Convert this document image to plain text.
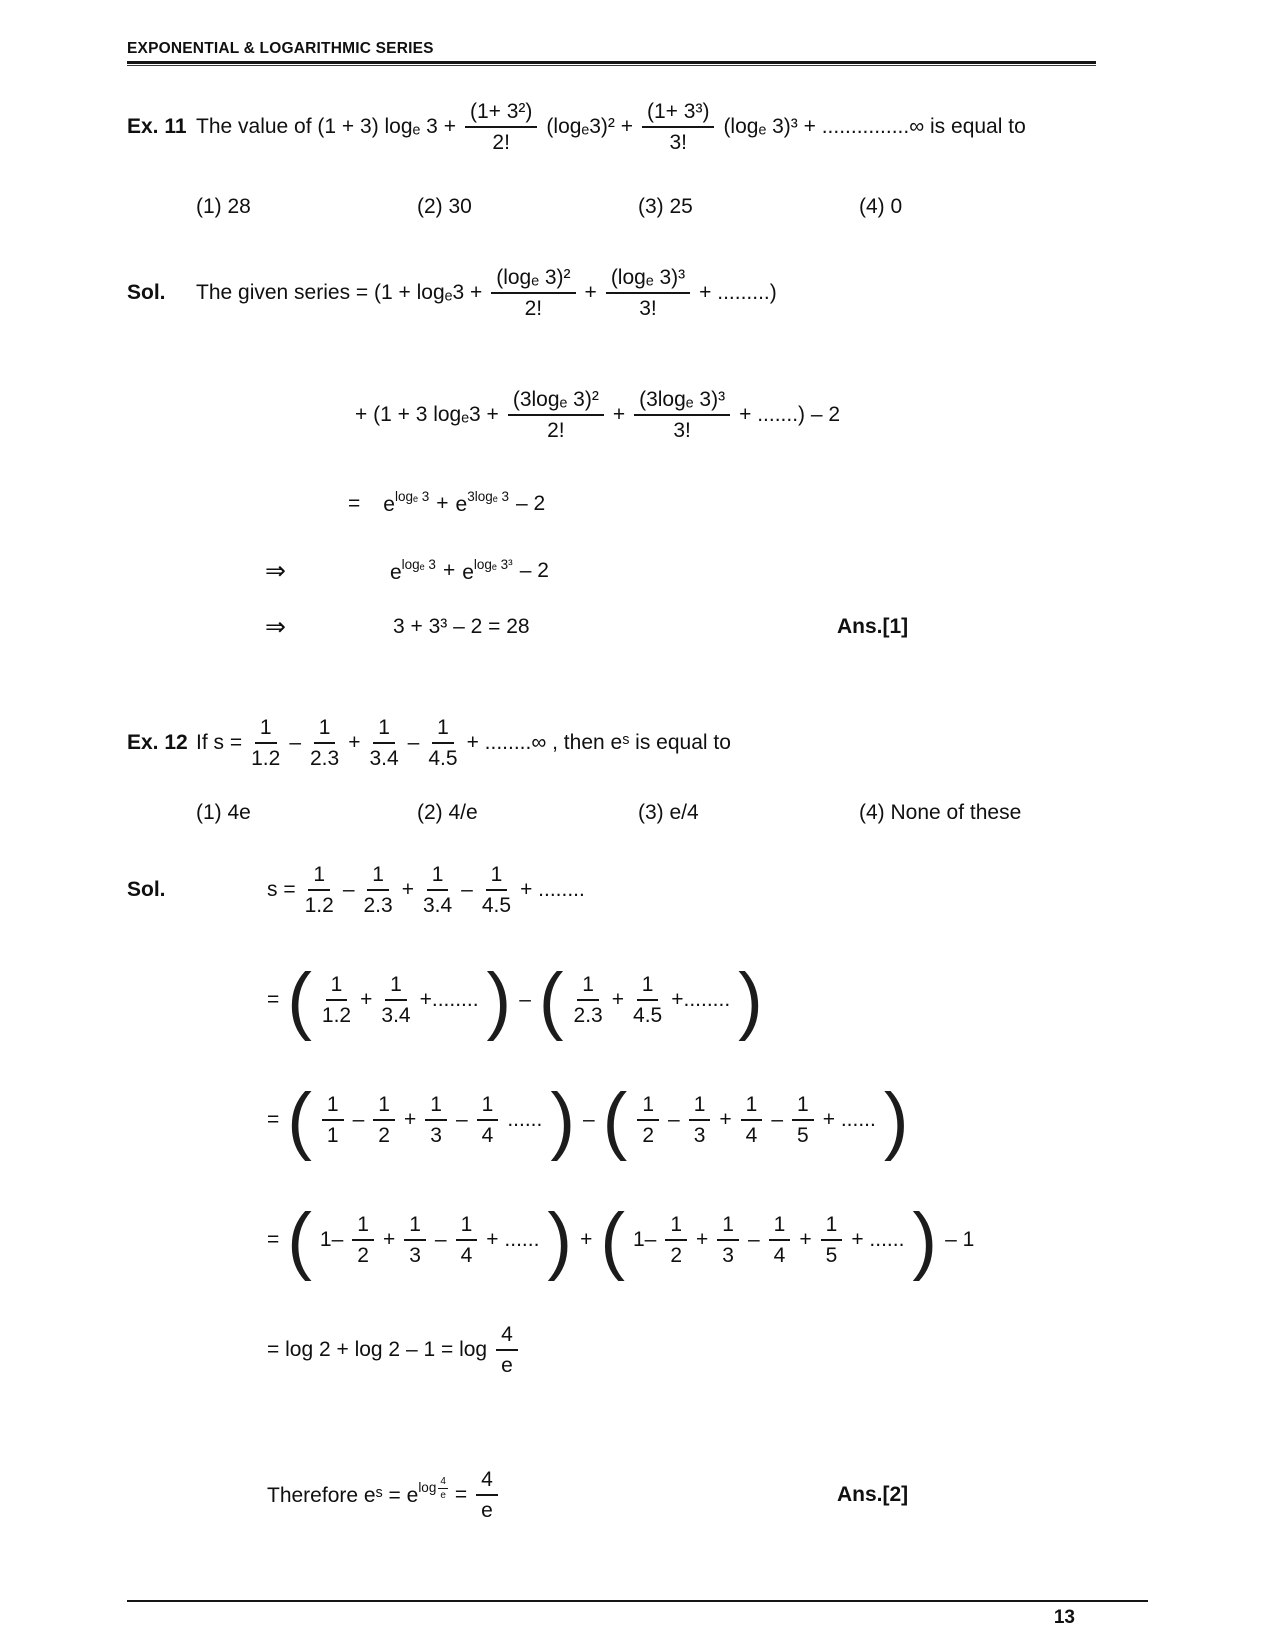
EXPONENTIAL & LOGARITHMIC SERIES
Ex. 11 The value of (1 + 3) logₑ $3 + \frac{\text{(1+ 3²)}}{2!} (\log_e3)^2 + \frac{\text{(1+ 3³)}}{3!} (\log_e$ 3)³ + ...............∞ is equal to
(1) 28	(2) 30	(3) 25	(4) 0
Sol.	The given series = ($1 + \log_e3 + \frac{\text{(logₑ 3)²}}{2!} + \frac{\text{(logₑ 3)³}}{3!}$ + .........)
+ (1 + 3 $\log_e3 + \frac{\text{(3logₑ 3)²}}{2!} + \frac{\text{(3logₑ 3)³}}{3!}$ + .......) – 2
= $e^{log_e 3} + e^{3log_e 3} - 2$
⇒	$e^{log_e 3} + e^{log_e 3^3} - 2$
⇒	3 + 3³ – 2 = 28	Ans.[1]
Ex. 12 If $s = \frac{1}{1.2} - \frac{1}{2.3} + \frac{1}{3.4} - \frac{1}{4.5}$ + ........∞ , then eˢ is equal to
(1) 4e	(2) 4/e	(3) e/4	(4) None of these
Sol.	$s = \frac{1}{1.2} - \frac{1}{2.3} + \frac{1}{3.4} - \frac{1}{4.5}$ + ........
= ( $\frac{1}{1.2} + \frac{1}{3.4}$ +........ ) – ( $\frac{1}{2.3} + \frac{1}{4.5}$ +........ )
= ( $\frac{1}{1} - \frac{1}{2} + \frac{1}{3} - \frac{1}{4}$ ...... ) – ( $\frac{1}{2} - \frac{1}{3} + \frac{1}{4} - \frac{1}{5}$ + ...... )
= ( $1- \frac{1}{2} + \frac{1}{3} - \frac{1}{4}$ + ...... ) + ( $1- \frac{1}{2} + \frac{1}{3} - \frac{1}{4} + \frac{1}{5}$ + ...... ) – 1
= $\log 2 + \log 2 - 1 = \log \frac{4}{e}$
Therefore eˢ = $e^{log \frac{4}{e}} = \frac{4}{e}$	Ans.[2]
13
